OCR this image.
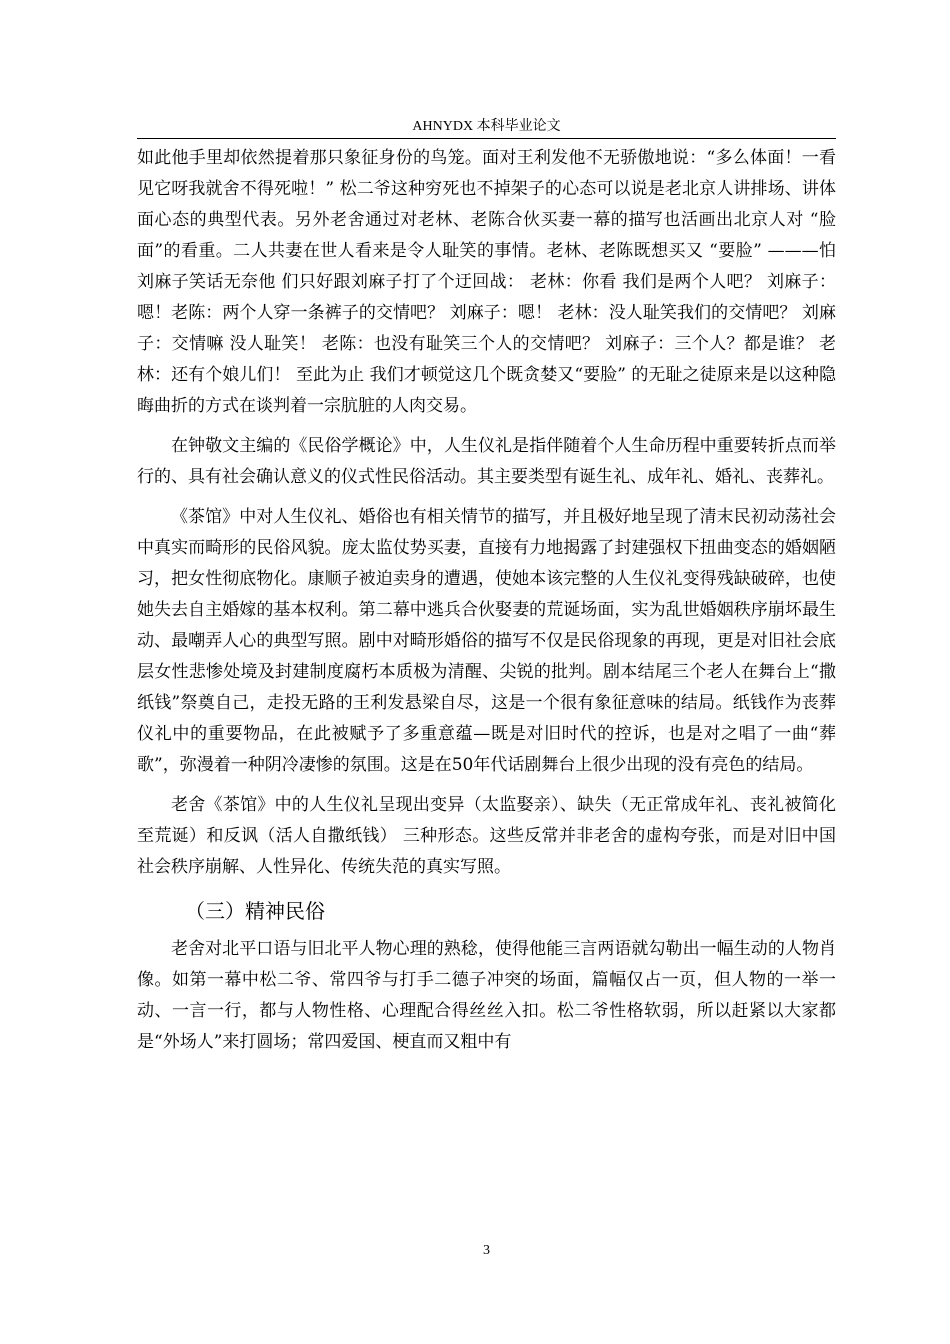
AHNYDX 本科毕业论文

如此他手里却依然提着那只象征身份的鸟笼。面对王利发他不无骄傲地说：“多么体面！一看见它呀我就舍不得死啦！” 松二爷这种穷死也不掉架子的心态可以说是老北京人讲排场、讲体面心态的典型代表。另外老舍通过对老林、老陈合伙买妻一幕的描写也活画出北京人对 “脸面”的看重。二人共妻在世人看来是令人耻笑的事情。老林、老陈既想买又 “要脸” ———怕刘麻子笑话无奈他 们只好跟刘麻子打了个迂回战： 老林：你看 我们是两个人吧？ 刘麻子：嗯！老陈：两个人穿一条裤子的交情吧？ 刘麻子：嗯！ 老林：没人耻笑我们的交情吧？ 刘麻子：交情嘛 没人耻笑！ 老陈：也没有耻笑三个人的交情吧？ 刘麻子：三个人？都是谁？ 老林：还有个娘儿们！ 至此为止 我们才顿觉这几个既贪婪又“要脸” 的无耻之徒原来是以这种隐晦曲折的方式在谈判着一宗肮脏的人肉交易。

在钟敬文主编的《民俗学概论》中，人生仪礼是指伴随着个人生命历程中重要转折点而举行的、具有社会确认意义的仪式性民俗活动。其主要类型有诞生礼、成年礼、婚礼、丧葬礼。

《茶馆》中对人生仪礼、婚俗也有相关情节的描写，并且极好地呈现了清末民初动荡社会中真实而畸形的民俗风貌。庞太监仗势买妻，直接有力地揭露了封建强权下扭曲变态的婚姻陋习，把女性彻底物化。康顺子被迫卖身的遭遇，使她本该完整的人生仪礼变得残缺破碎，也使她失去自主婚嫁的基本权利。第二幕中逃兵合伙娶妻的荒诞场面，实为乱世婚姻秩序崩坏最生动、最嘲弄人心的典型写照。剧中对畸形婚俗的描写不仅是民俗现象的再现，更是对旧社会底层女性悲惨处境及封建制度腐朽本质极为清醒、尖锐的批判。剧本结尾三个老人在舞台上“撒纸钱”祭奠自己，走投无路的王利发悬梁自尽，这是一个很有象征意味的结局。纸钱作为丧葬仪礼中的重要物品，在此被赋予了多重意蕴—既是对旧时代的控诉，也是对之唱了一曲“葬歌”，弥漫着一种阴冷凄惨的氛围。这是在50年代话剧舞台上很少出现的没有亮色的结局。

老舍《茶馆》中的人生仪礼呈现出变异（太监娶亲）、缺失（无正常成年礼、丧礼被简化至荒诞）和反讽（活人自撒纸钱） 三种形态。这些反常并非老舍的虚构夸张，而是对旧中国社会秩序崩解、人性异化、传统失范的真实写照。

（三）精神民俗

老舍对北平口语与旧北平人物心理的熟稔，使得他能三言两语就勾勒出一幅生动的人物肖像。如第一幕中松二爷、常四爷与打手二德子冲突的场面，篇幅仅占一页，但人物的一举一动、一言一行，都与人物性格、心理配合得丝丝入扣。松二爷性格软弱，所以赶紧以大家都是“外场人”来打圆场；常四爱国、梗直而又粗中有

3
